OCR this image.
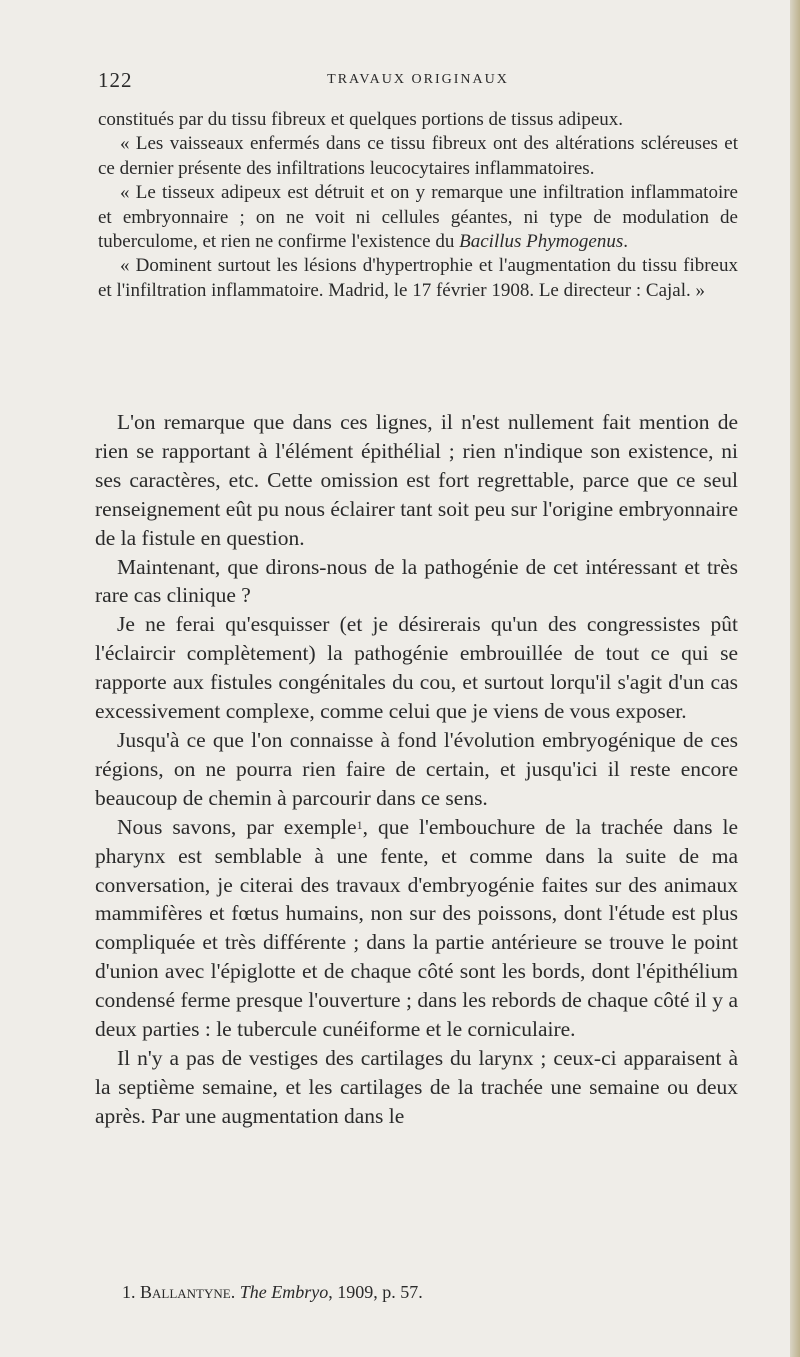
122	TRAVAUX ORIGINAUX

constitués par du tissu fibreux et quelques portions de tissus adipeux.

« Les vaisseaux enfermés dans ce tissu fibreux ont des altérations scléreuses et ce dernier présente des infiltrations leucocytaires inflammatoires.

« Le tisseux adipeux est détruit et on y remarque une infiltration inflammatoire et embryonnaire ; on ne voit ni cellules géantes, ni type de modulation de tuberculome, et rien ne confirme l'existence du Bacillus Phymogenus.

« Dominent surtout les lésions d'hypertrophie et l'augmentation du tissu fibreux et l'infiltration inflammatoire. Madrid, le 17 février 1908. Le directeur : Cajal. »

L'on remarque que dans ces lignes, il n'est nullement fait mention de rien se rapportant à l'élément épithélial ; rien n'indique son existence, ni ses caractères, etc. Cette omission est fort regrettable, parce que ce seul renseignement eût pu nous éclairer tant soit peu sur l'origine embryonnaire de la fistule en question.

Maintenant, que dirons-nous de la pathogénie de cet intéressant et très rare cas clinique ?

Je ne ferai qu'esquisser (et je désirerais qu'un des congressistes pût l'éclaircir complètement) la pathogénie embrouillée de tout ce qui se rapporte aux fistules congénitales du cou, et surtout lorqu'il s'agit d'un cas excessivement complexe, comme celui que je viens de vous exposer.

Jusqu'à ce que l'on connaisse à fond l'évolution embryogénique de ces régions, on ne pourra rien faire de certain, et jusqu'ici il reste encore beaucoup de chemin à parcourir dans ce sens.

Nous savons, par exemple$^1$, que l'embouchure de la trachée dans le pharynx est semblable à une fente, et comme dans la suite de ma conversation, je citerai des travaux d'embryogénie faites sur des animaux mammifères et fœtus humains, non sur des poissons, dont l'étude est plus compliquée et très différente ; dans la partie antérieure se trouve le point d'union avec l'épiglotte et de chaque côté sont les bords, dont l'épithélium condensé ferme presque l'ouverture ; dans les rebords de chaque côté il y a deux parties : le tubercule cunéiforme et le corniculaire.

Il n'y a pas de vestiges des cartilages du larynx ; ceux-ci apparaisent à la septième semaine, et les cartilages de la trachée une semaine ou deux après. Par une augmentation dans le

1. Ballantyne. The Embryo, 1909, p. 57.
